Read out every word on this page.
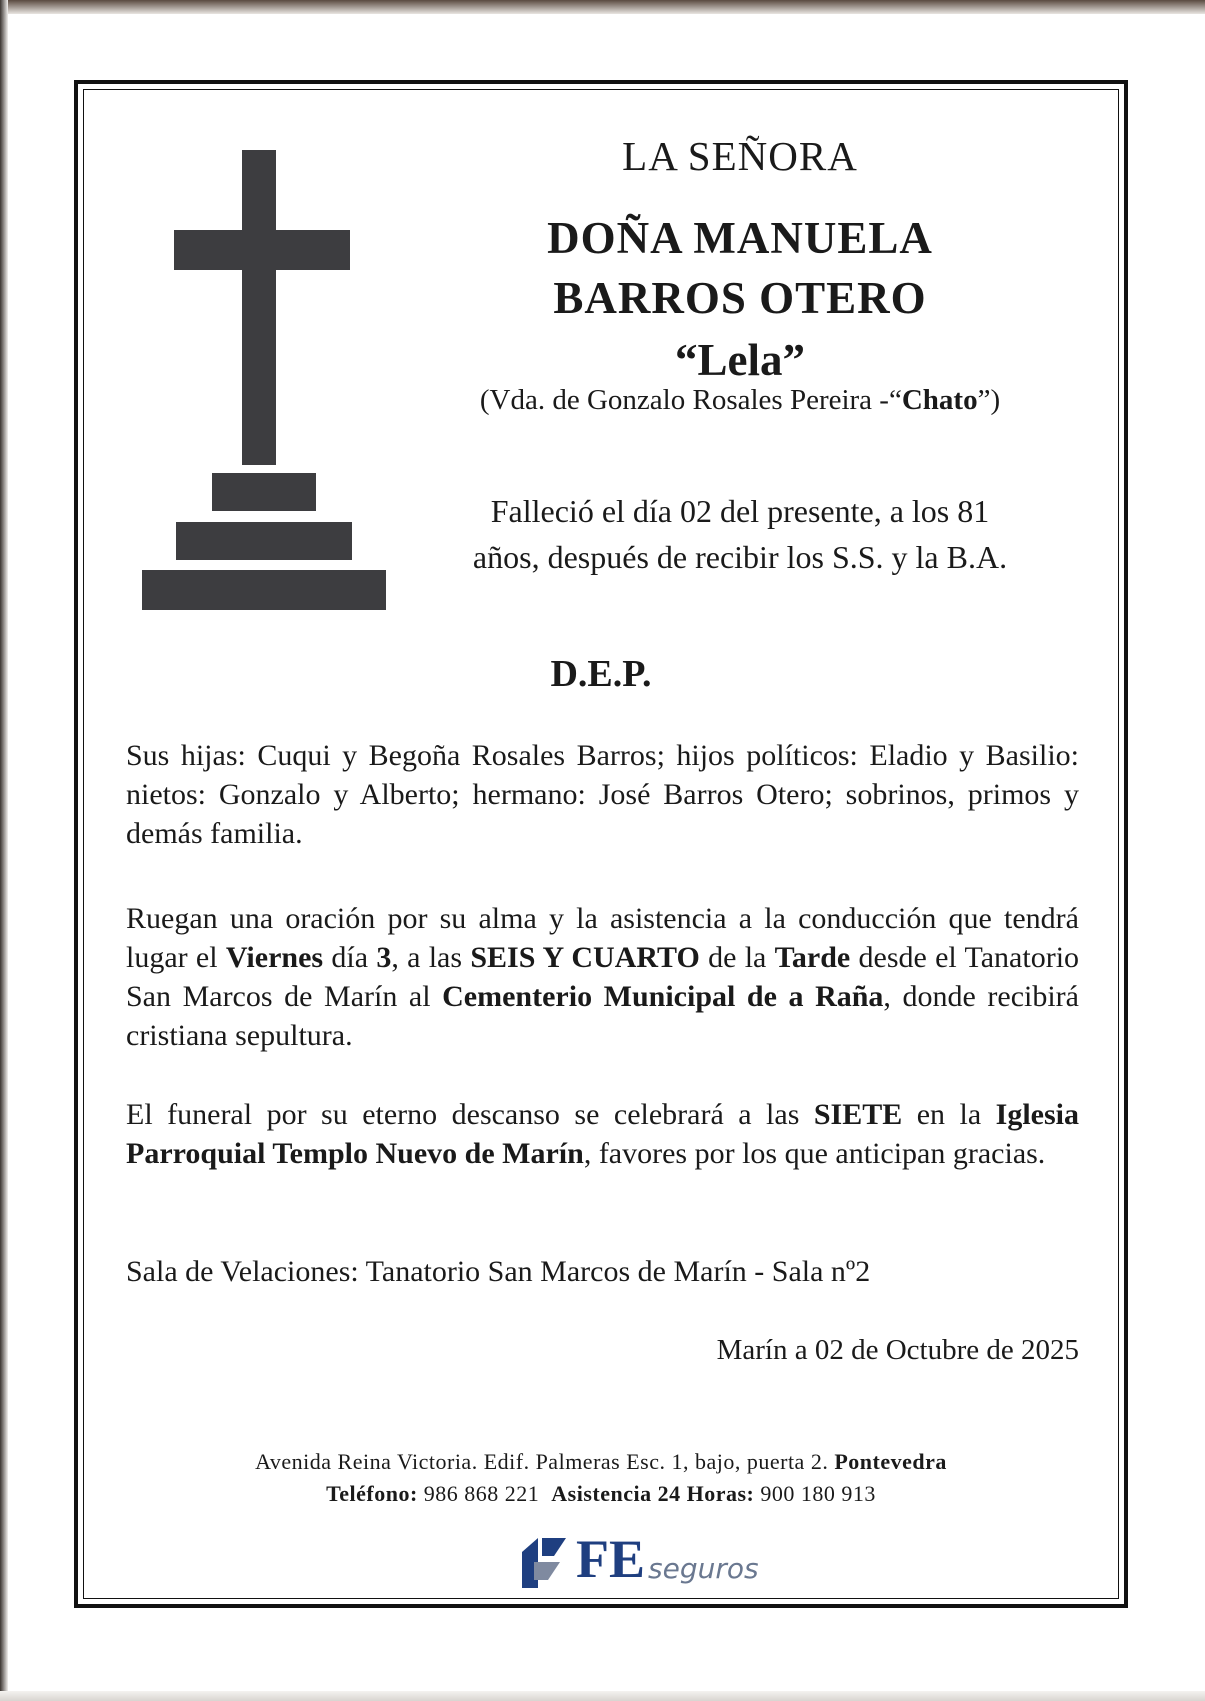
LA SEÑORA
DOÑA MANUELA
BARROS OTERO
“Lela”
(Vda. de Gonzalo Rosales Pereira -“Chato”)
Falleció el día 02 del presente, a los 81
años, después de recibir los S.S. y la B.A.
D.E.P.
Sus hijas: Cuqui y Begoña Rosales Barros; hijos políticos: Eladio y Basilio: nietos: Gonzalo y Alberto; hermano: José Barros Otero; sobrinos, primos y demás familia.
Ruegan una oración por su alma y la asistencia a la conducción que tendrá lugar el Viernes día 3, a las SEIS Y CUARTO de la Tarde desde el Tanatorio San Marcos de Marín al Cementerio Municipal de a Raña, donde recibirá cristiana sepultura.
El funeral por su eterno descanso se celebrará a las SIETE en la Iglesia Parroquial Templo Nuevo de Marín, favores por los que anticipan gracias.
Sala de Velaciones: Tanatorio San Marcos de Marín - Sala nº2
Marín a 02 de Octubre de 2025
Avenida Reina Victoria. Edif. Palmeras Esc. 1, bajo, puerta 2. Pontevedra
Teléfono: 986 868 221 Asistencia 24 Horas: 900 180 913
FE seguros
